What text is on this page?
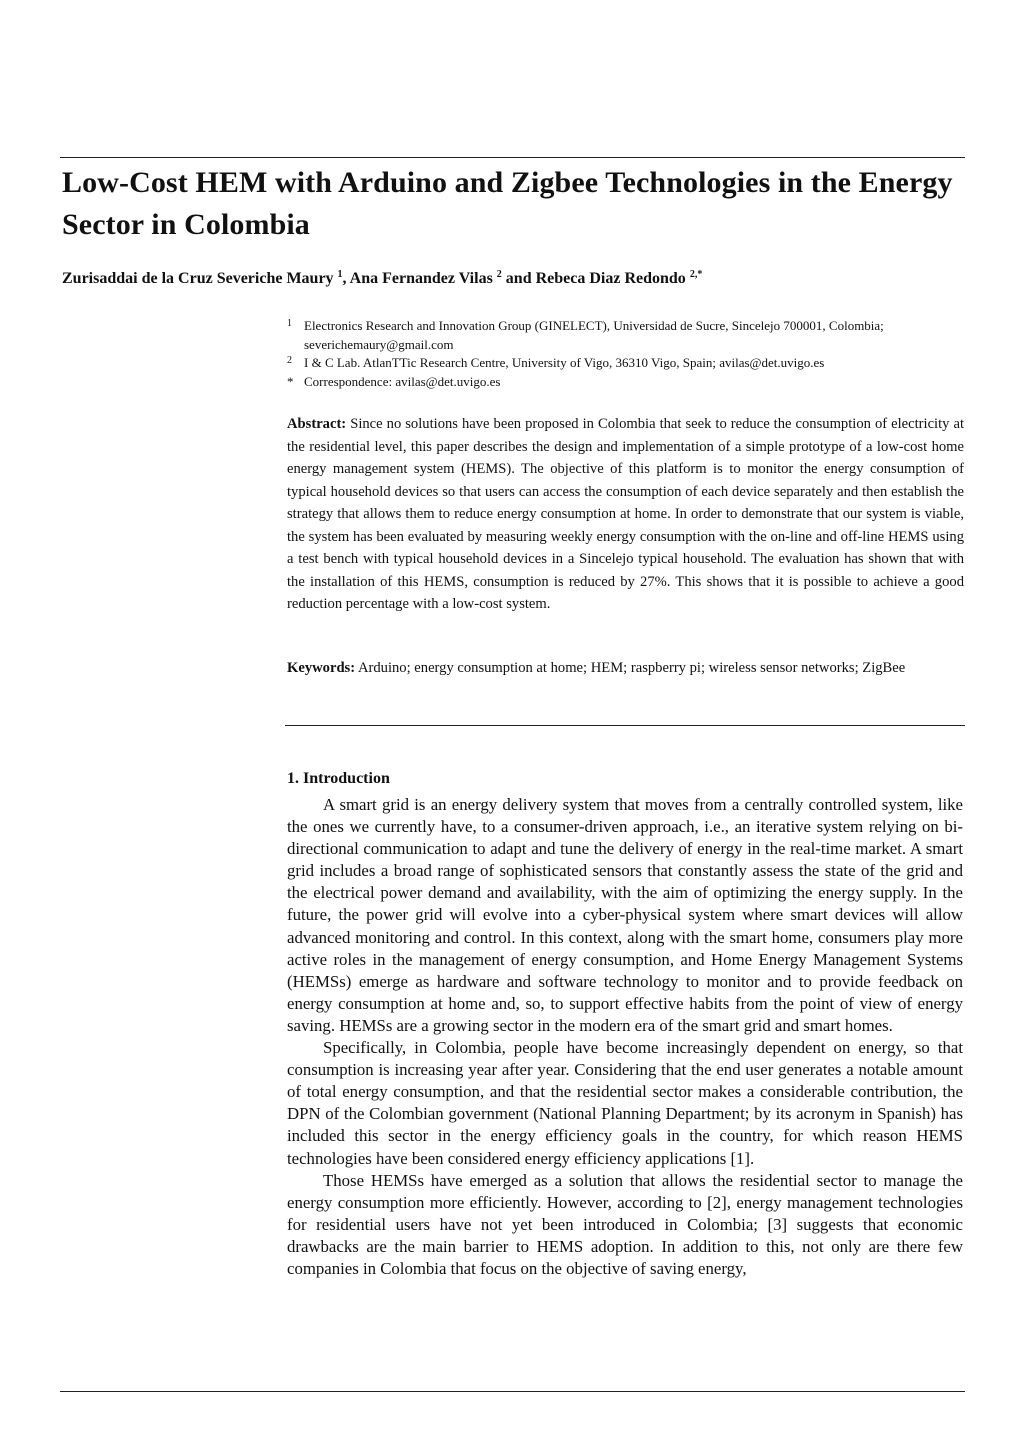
Low-Cost HEM with Arduino and Zigbee Technologies in the Energy Sector in Colombia

Zurisaddai de la Cruz Severiche Maury $^1$, Ana Fernandez Vilas $^2$ and Rebeca Diaz Redondo $^{2,*}$

1 Electronics Research and Innovation Group (GINELECT), Universidad de Sucre, Sincelejo 700001, Colombia; severichemaury@gmail.com
2 I & C Lab. AtlanTTic Research Centre, University of Vigo, 36310 Vigo, Spain; avilas@det.uvigo.es
* Correspondence: avilas@det.uvigo.es

Abstract: Since no solutions have been proposed in Colombia that seek to reduce the consumption of electricity at the residential level, this paper describes the design and implementation of a simple prototype of a low-cost home energy management system (HEMS). The objective of this platform is to monitor the energy consumption of typical household devices so that users can access the consumption of each device separately and then establish the strategy that allows them to reduce energy consumption at home. In order to demonstrate that our system is viable, the system has been evaluated by measuring weekly energy consumption with the on-line and off-line HEMS using a test bench with typical household devices in a Sincelejo typical household. The evaluation has shown that with the installation of this HEMS, consumption is reduced by 27%. This shows that it is possible to achieve a good reduction percentage with a low-cost system.

Keywords: Arduino; energy consumption at home; HEM; raspberry pi; wireless sensor networks; ZigBee

1. Introduction

A smart grid is an energy delivery system that moves from a centrally controlled system, like the ones we currently have, to a consumer-driven approach, i.e., an iterative system relying on bi-directional communication to adapt and tune the delivery of energy in the real-time market. A smart grid includes a broad range of sophisticated sensors that constantly assess the state of the grid and the electrical power demand and availability, with the aim of optimizing the energy supply. In the future, the power grid will evolve into a cyber-physical system where smart devices will allow advanced monitoring and control. In this context, along with the smart home, consumers play more active roles in the management of energy consumption, and Home Energy Management Systems (HEMSs) emerge as hardware and software technology to monitor and to provide feedback on energy consumption at home and, so, to support effective habits from the point of view of energy saving. HEMSs are a growing sector in the modern era of the smart grid and smart homes.

Specifically, in Colombia, people have become increasingly dependent on energy, so that consumption is increasing year after year. Considering that the end user generates a notable amount of total energy consumption, and that the residential sector makes a considerable contribution, the DPN of the Colombian government (National Planning Department; by its acronym in Spanish) has included this sector in the energy efficiency goals in the country, for which reason HEMS technologies have been considered energy efficiency applications [1].

Those HEMSs have emerged as a solution that allows the residential sector to manage the energy consumption more efficiently. However, according to [2], energy management technologies for residential users have not yet been introduced in Colombia; [3] suggests that economic drawbacks are the main barrier to HEMS adoption. In addition to this, not only are there few companies in Colombia that focus on the objective of saving energy,
